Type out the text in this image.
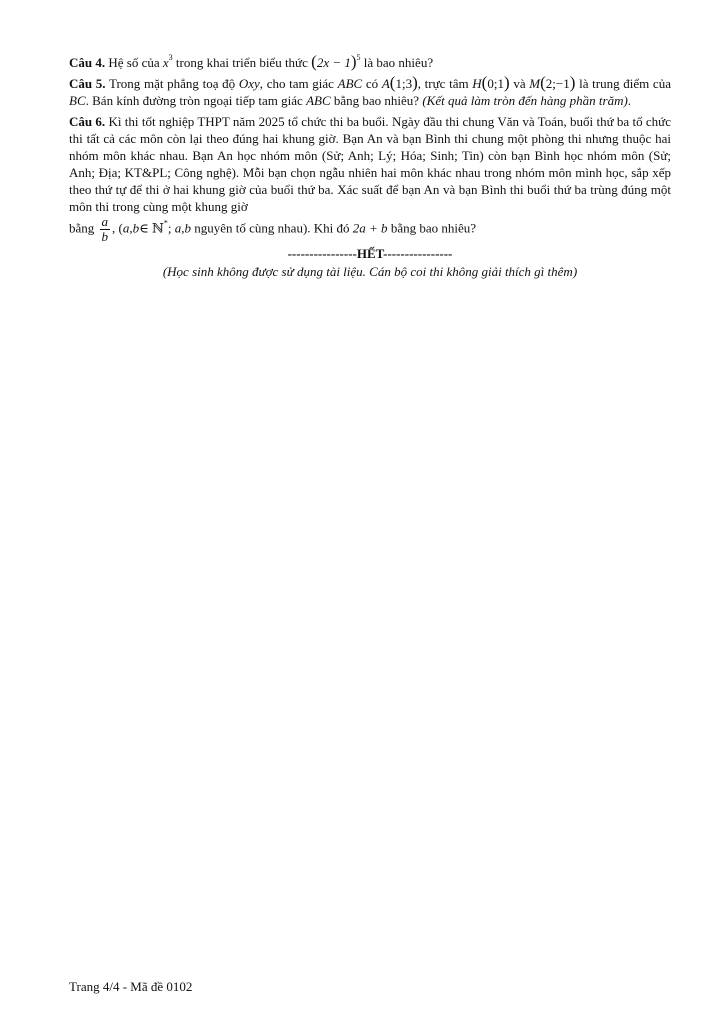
Câu 4. Hệ số của $x^3$ trong khai triển biểu thức $(2x - 1)^5$ là bao nhiêu?

Câu 5. Trong mặt phẳng toạ độ Oxy, cho tam giác ABC có A(1;3), trực tâm H(0;1) và M(2;−1) là trung điểm của BC. Bán kính đường tròn ngoại tiếp tam giác ABC bằng bao nhiêu? (Kết quả làm tròn đến hàng phần trăm).

Câu 6. Kì thi tốt nghiệp THPT năm 2025 tổ chức thi ba buổi. Ngày đầu thi chung Văn và Toán, buổi thứ ba tổ chức thi tất cả các môn còn lại theo đúng hai khung giờ. Bạn An và bạn Bình thi chung một phòng thi nhưng thuộc hai nhóm môn khác nhau. Bạn An học nhóm môn (Sử; Anh; Lý; Hóa; Sinh; Tin) còn bạn Bình học nhóm môn (Sử; Anh; Địa; KT&PL; Công nghệ). Mỗi bạn chọn ngẫu nhiên hai môn khác nhau trong nhóm môn mình học, sắp xếp theo thứ tự để thi ở hai khung giờ của buổi thứ ba. Xác suất để bạn An và bạn Bình thi buổi thứ ba trùng đúng một môn thi trong cùng một khung giờ
bằng $\frac{a}{b}$ , (a,b∈ ℕ*; a,b nguyên tố cùng nhau). Khi đó 2a + b bằng bao nhiêu?

----------------HẾT----------------
(Học sinh không được sử dụng tài liệu. Cán bộ coi thi không giải thích gì thêm)
Trang 4/4 - Mã đề 0102
